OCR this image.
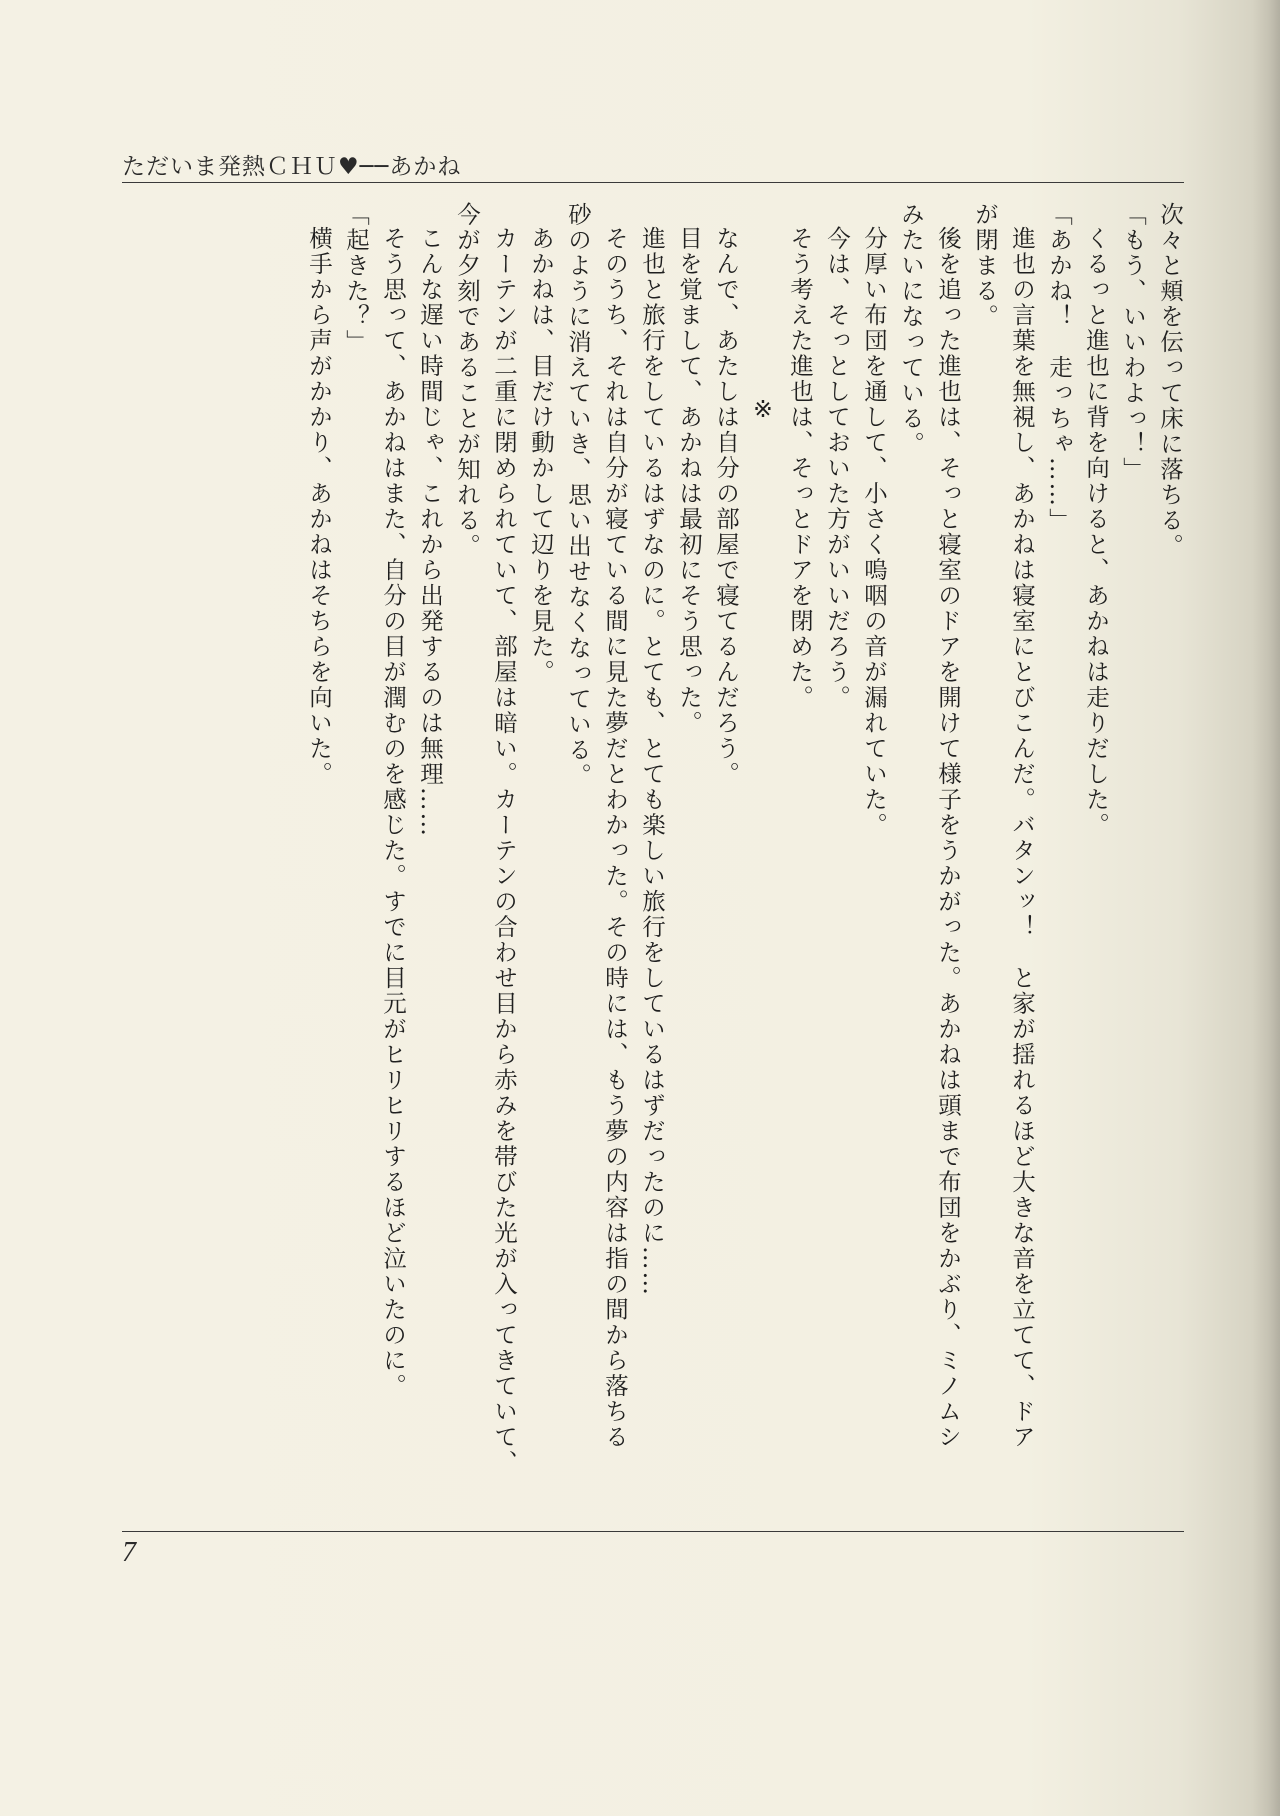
ただいま発熱ＣＨＵ♥──あかね

次々と頬を伝って床に落ちる。

「もう、いいわよっ！」

くるっと進也に背を向けると、あかねは走りだした。

「あかね！　走っちゃ……」

進也の言葉を無視し、あかねは寝室にとびこんだ。バタンッ！　と家が揺れるほど大きな音を立てて、ドア

が閉まる。

後を追った進也は、そっと寝室のドアを開けて様子をうかがった。あかねは頭まで布団をかぶり、ミノムシ

みたいになっている。

分厚い布団を通して、小さく嗚咽の音が漏れていた。

今は、そっとしておいた方がいいだろう。

そう考えた進也は、そっとドアを閉めた。

※

なんで、あたしは自分の部屋で寝てるんだろう。

目を覚まして、あかねは最初にそう思った。

進也と旅行をしているはずなのに。とても、とても楽しい旅行をしているはずだったのに……

そのうち、それは自分が寝ている間に見た夢だとわかった。その時には、もう夢の内容は指の間から落ちる

砂のように消えていき、思い出せなくなっている。

あかねは、目だけ動かして辺りを見た。

カーテンが二重に閉められていて、部屋は暗い。カーテンの合わせ目から赤みを帯びた光が入ってきていて、

今が夕刻であることが知れる。

こんな遅い時間じゃ、これから出発するのは無理……

そう思って、あかねはまた、自分の目が潤むのを感じた。すでに目元がヒリヒリするほど泣いたのに。

「起きた？」

横手から声がかかり、あかねはそちらを向いた。

7
